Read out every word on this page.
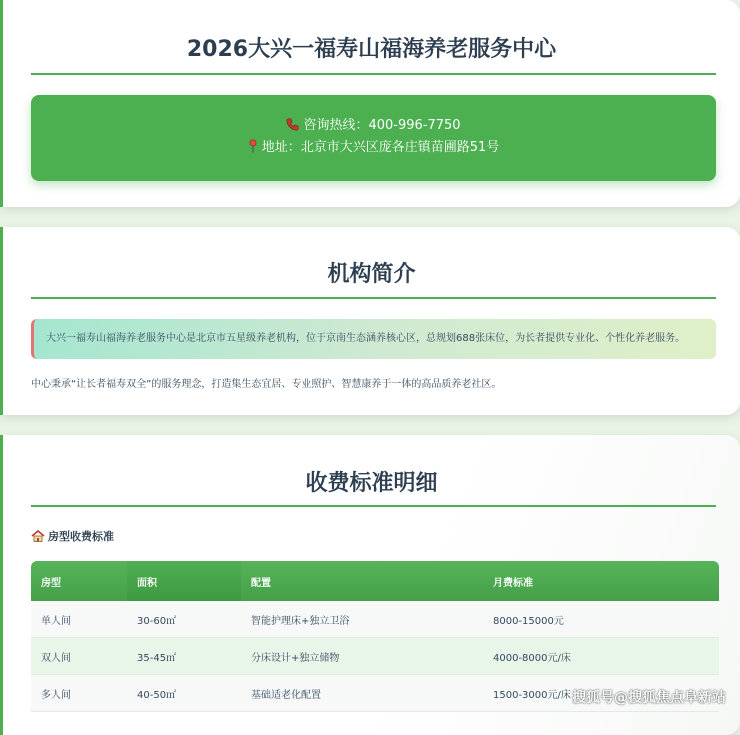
2026大兴一福寿山福海养老服务中心
咨询热线：400-996-7750
地址：北京市大兴区庞各庄镇苗圃路51号
机构简介
大兴一福寿山福海养老服务中心是北京市五星级养老机构，位于京南生态涵养核心区，总规划688张床位，为长者提供专业化、个性化养老服务。
中心秉承“让长者福寿双全”的服务理念，打造集生态宜居、专业照护、智慧康养于一体的高品质养老社区。
收费标准明细
房型收费标准
房型	面积	配置	月费标准
单人间	30-60㎡	智能护理床+独立卫浴	8000-15000元
双人间	35-45㎡	分床设计+独立储物	4000-8000元/床
多人间	40-50㎡	基础适老化配置	1500-3000元/床 搜狐号@搜狐焦点阜新站
